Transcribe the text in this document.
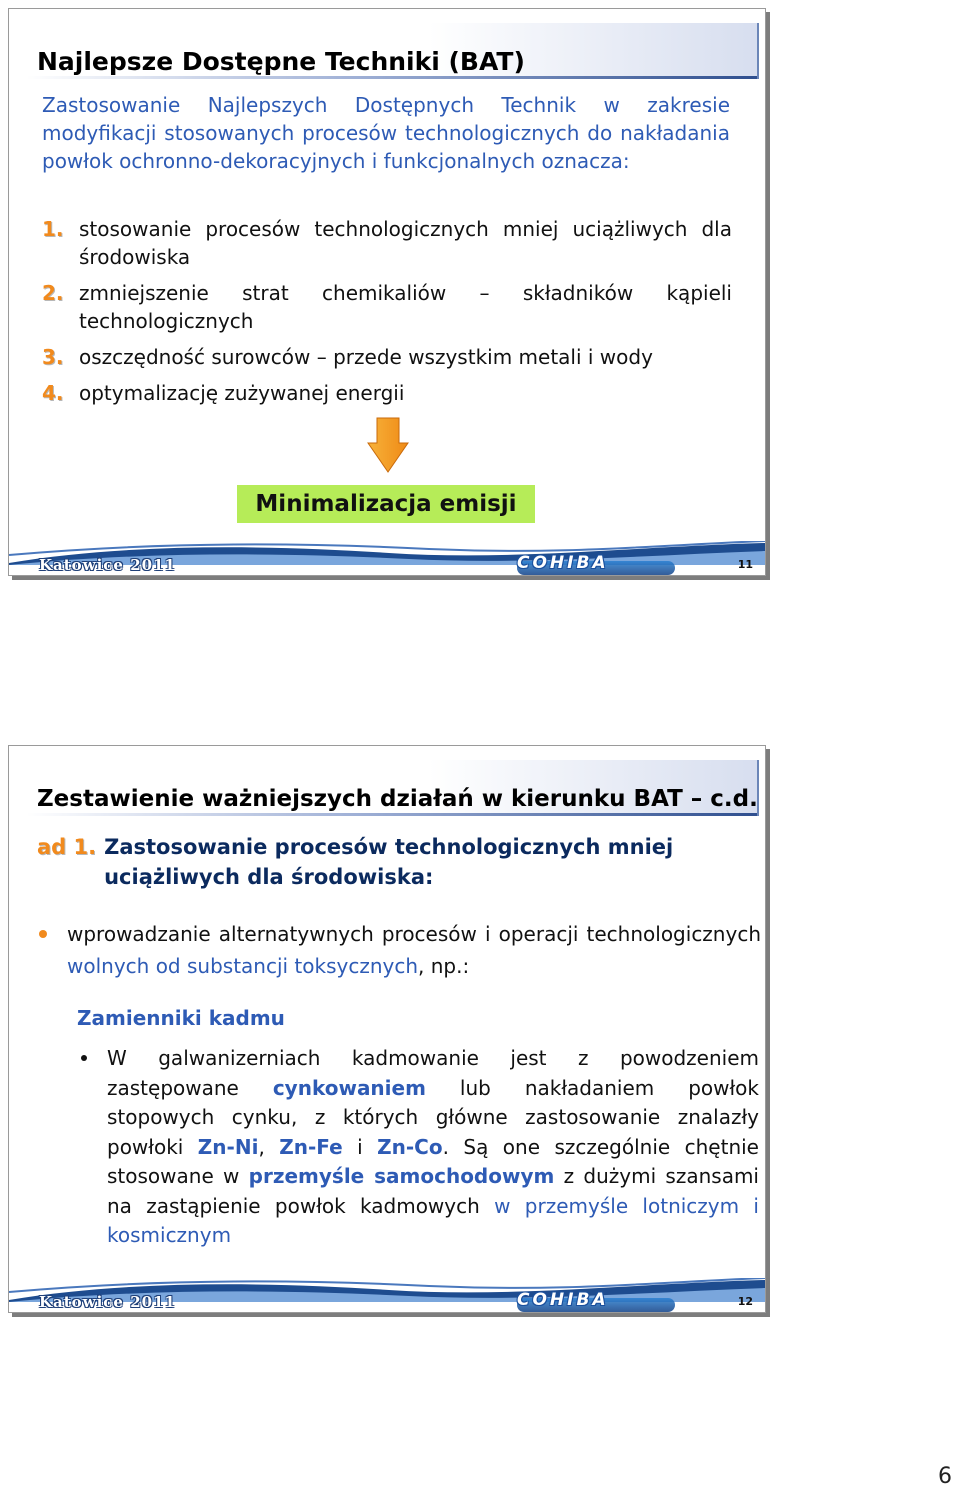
Najlepsze Dostępne Techniki (BAT)
Zastosowanie Najlepszych Dostępnych Technik w zakresie modyfikacji stosowanych procesów technologicznych do nakładania powłok ochronno-dekoracyjnych i funkcjonalnych oznacza:
1. stosowanie procesów technologicznych mniej uciążliwych dla środowiska
2. zmniejszenie strat chemikaliów – składników kąpieli technologicznych
3. oszczędność surowców – przede wszystkim metali i wody
4. optymalizację zużywanej energii
Minimalizacja emisji
Katowice 2011	COHIBA	11
Zestawienie ważniejszych działań w kierunku BAT – c.d.
ad 1. Zastosowanie procesów technologicznych mniej uciążliwych dla środowiska:
wprowadzanie alternatywnych procesów i operacji technologicznych wolnych od substancji toksycznych, np.:
Zamienniki kadmu
W galwanizerniach kadmowanie jest z powodzeniem zastępowane cynkowaniem lub nakładaniem powłok stopowych cynku, z których główne zastosowanie znalazły powłoki Zn-Ni, Zn-Fe i Zn-Co. Są one szczególnie chętnie stosowane w przemyśle samochodowym z dużymi szansami na zastąpienie powłok kadmowych w przemyśle lotniczym i kosmicznym
Katowice 2011	COHIBA	12
6
